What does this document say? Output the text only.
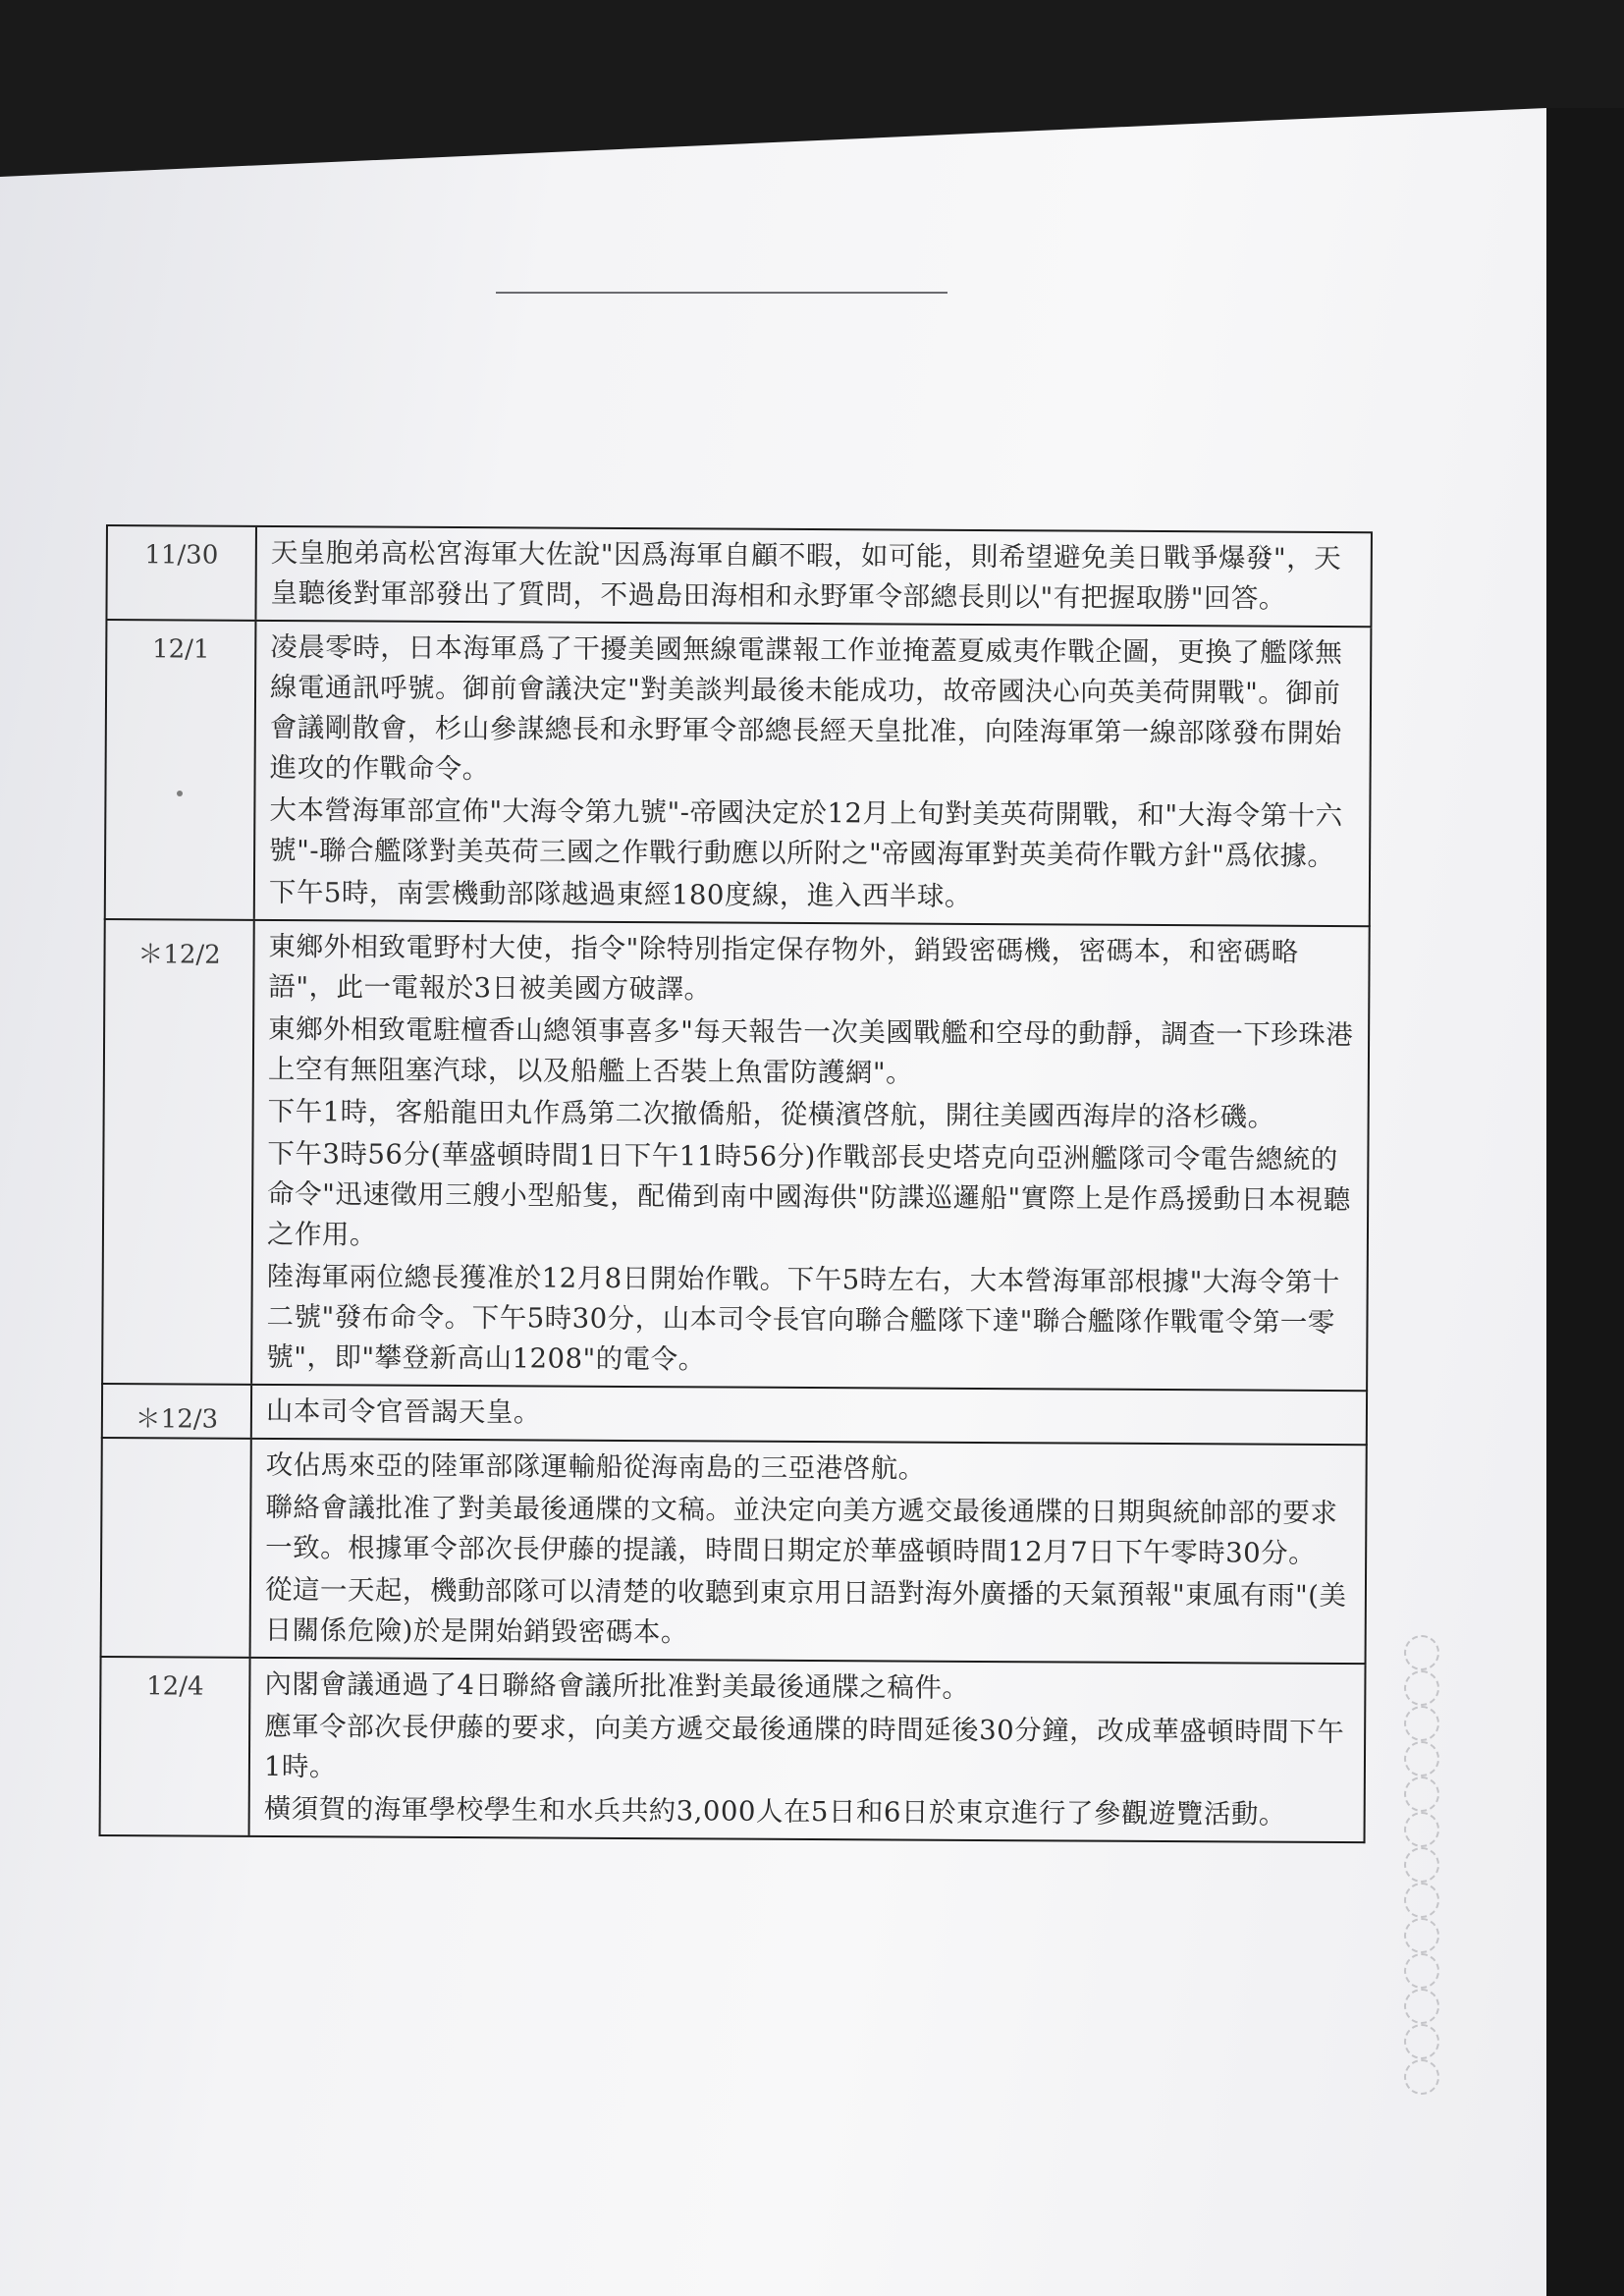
11/30	天皇胞弟高松宮海軍大佐說"因爲海軍自顧不暇，如可能，則希望避免美日戰爭爆發"，天皇聽後對軍部發出了質問，不過島田海相和永野軍令部總長則以"有把握取勝"回答。

12/1	凌晨零時，日本海軍爲了干擾美國無線電諜報工作並掩蓋夏威夷作戰企圖，更換了艦隊無線電通訊呼號。御前會議決定"對美談判最後未能成功，故帝國決心向英美荷開戰"。御前會議剛散會，杉山參謀總長和永野軍令部總長經天皇批准，向陸海軍第一線部隊發布開始進攻的作戰命令。

大本營海軍部宣佈"大海令第九號"-帝國決定於12月上旬對美英荷開戰，和"大海令第十六號"-聯合艦隊對美英荷三國之作戰行動應以所附之"帝國海軍對英美荷作戰方針"爲依據。

下午5時，南雲機動部隊越過東經180度線，進入西半球。

＊12/2	東鄉外相致電野村大使，指令"除特別指定保存物外，銷毀密碼機，密碼本，和密碼略語"，此一電報於3日被美國方破譯。

東鄉外相致電駐檀香山總領事喜多"每天報告一次美國戰艦和空母的動靜，調查一下珍珠港上空有無阻塞汽球，以及船艦上否裝上魚雷防護網"。

下午1時，客船龍田丸作爲第二次撤僑船，從橫濱啓航，開往美國西海岸的洛杉磯。

下午3時56分(華盛頓時間1日下午11時56分)作戰部長史塔克向亞洲艦隊司令電告總統的命令"迅速徵用三艘小型船隻，配備到南中國海供"防諜巡邏船"實際上是作爲援動日本視聽之作用。

陸海軍兩位總長獲准於12月8日開始作戰。下午5時左右，大本營海軍部根據"大海令第十二號"發布命令。下午5時30分，山本司令長官向聯合艦隊下達"聯合艦隊作戰電令第一零號"，即"攀登新高山1208"的電令。

＊12/3	山本司令官晉謁天皇。

攻佔馬來亞的陸軍部隊運輸船從海南島的三亞港啓航。

聯絡會議批准了對美最後通牒的文稿。並決定向美方遞交最後通牒的日期與統帥部的要求一致。根據軍令部次長伊藤的提議，時間日期定於華盛頓時間12月7日下午零時30分。

從這一天起，機動部隊可以清楚的收聽到東京用日語對海外廣播的天氣預報"東風有雨"(美日關係危險)於是開始銷毀密碼本。

12/4	內閣會議通過了4日聯絡會議所批准對美最後通牒之稿件。

應軍令部次長伊藤的要求，向美方遞交最後通牒的時間延後30分鐘，改成華盛頓時間下午1時。

橫須賀的海軍學校學生和水兵共約3,000人在5日和6日於東京進行了參觀遊覽活動。
